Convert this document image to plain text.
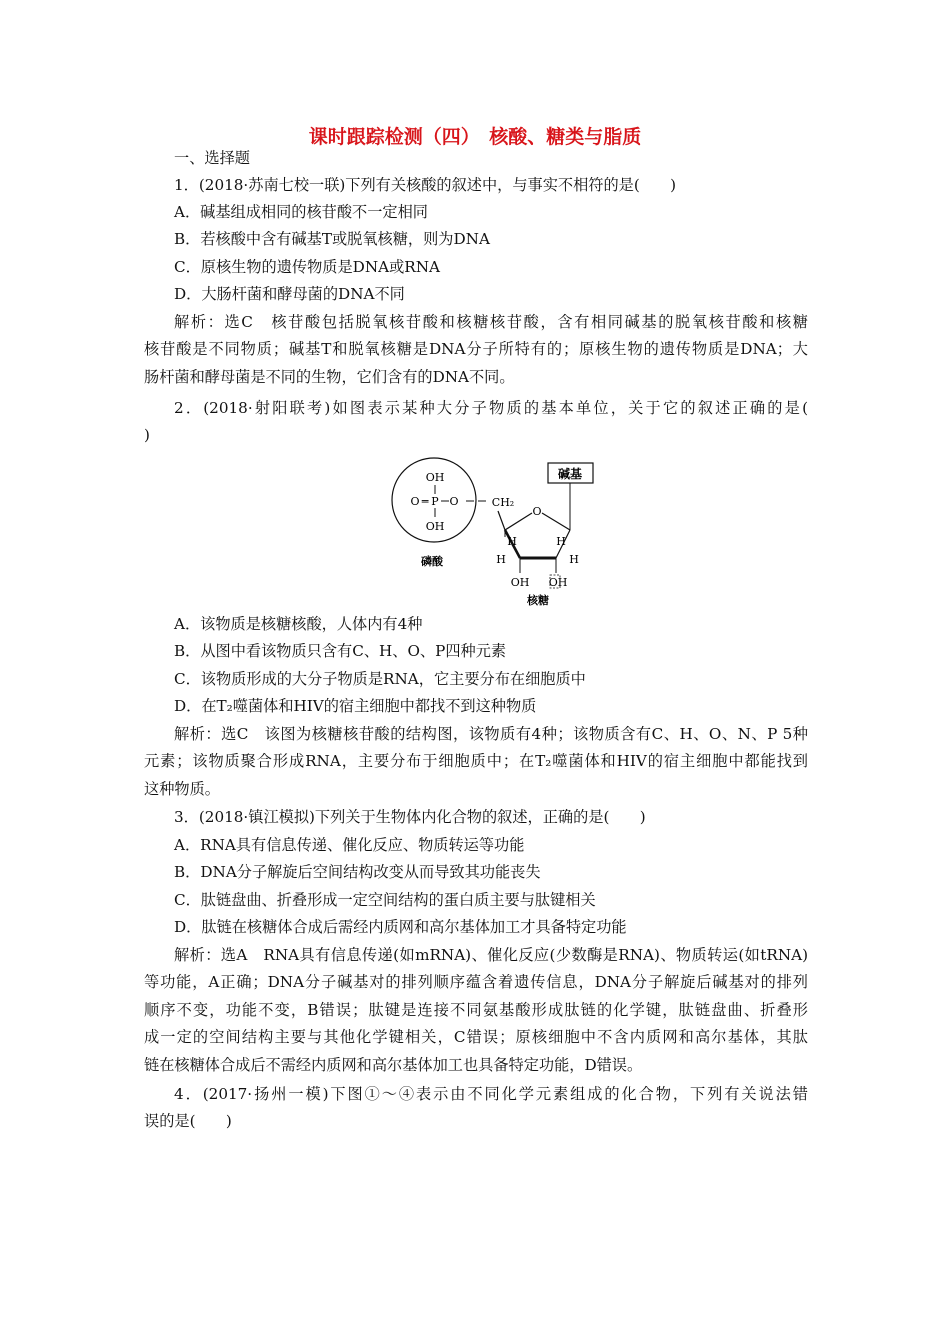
课时跟踪检测（四）　核酸、糖类与脂质
一、选择题
1．(2018·苏南七校一联)下列有关核酸的叙述中，与事实不相符的是(　　)
A．碱基组成相同的核苷酸不一定相同
B．若核酸中含有碱基T或脱氧核糖，则为DNA
C．原核生物的遗传物质是DNA或RNA
D．大肠杆菌和酵母菌的DNA不同
解析：选C　核苷酸包括脱氧核苷酸和核糖核苷酸，含有相同碱基的脱氧核苷酸和核糖
核苷酸是不同物质；碱基T和脱氧核糖是DNA分子所特有的；原核生物的遗传物质是DNA；大
肠杆菌和酵母菌是不同的生物，它们含有的DNA不同。
2．(2018·射阳联考)如图表示某种大分子物质的基本单位，关于它的叙述正确的是(
)
OH
O ═ P O
OH
磷酸
CH₂
O
H	H
H	H
OH OH
核糖
碱基
A．该物质是核糖核酸，人体内有4种
B．从图中看该物质只含有C、H、O、P四种元素
C．该物质形成的大分子物质是RNA，它主要分布在细胞质中
D．在T₂噬菌体和HIV的宿主细胞中都找不到这种物质
解析：选C　该图为核糖核苷酸的结构图，该物质有4种；该物质含有C、H、O、N、P 5种
元素；该物质聚合形成RNA，主要分布于细胞质中；在T₂噬菌体和HIV的宿主细胞中都能找到
这种物质。
3．(2018·镇江模拟)下列关于生物体内化合物的叙述，正确的是(　　)
A．RNA具有信息传递、催化反应、物质转运等功能
B．DNA分子解旋后空间结构改变从而导致其功能丧失
C．肽链盘曲、折叠形成一定空间结构的蛋白质主要与肽键相关
D．肽链在核糖体合成后需经内质网和高尔基体加工才具备特定功能
解析：选A　RNA具有信息传递(如mRNA)、催化反应(少数酶是RNA)、物质转运(如tRNA)
等功能，A正确；DNA分子碱基对的排列顺序蕴含着遗传信息，DNA分子解旋后碱基对的排列
顺序不变，功能不变，B错误；肽键是连接不同氨基酸形成肽链的化学键，肽链盘曲、折叠形
成一定的空间结构主要与其他化学键相关，C错误；原核细胞中不含内质网和高尔基体，其肽
链在核糖体合成后不需经内质网和高尔基体加工也具备特定功能，D错误。
4．(2017·扬州一模)下图①～④表示由不同化学元素组成的化合物，下列有关说法错
误的是(　　)
